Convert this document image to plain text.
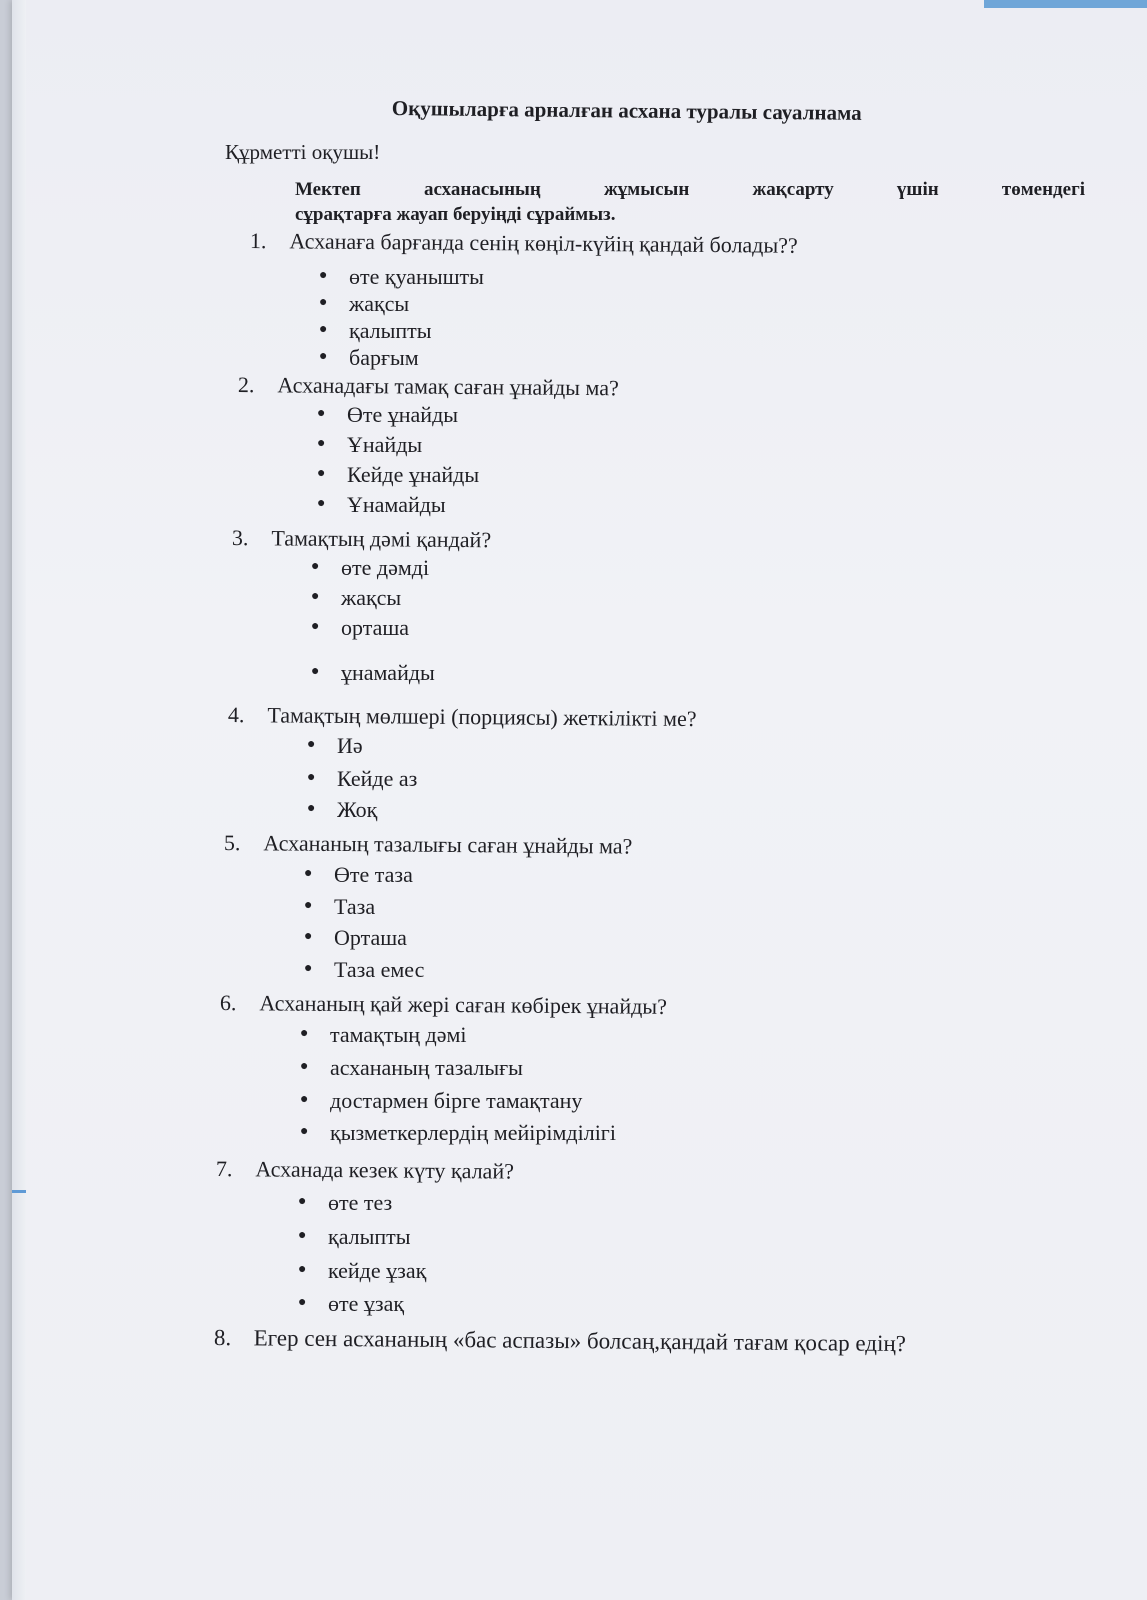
Оқушыларға арналған асхана туралы сауалнама
Құрметті оқушы!
Мектеп асханасының жұмысын жақсарту үшін төмендегі
сұрақтарға жауап беруіңді сұраймыз.
1. Асханаға барғанда сенің көңіл-күйің қандай болады??
● өте қуанышты
● жақсы
● қалыпты
● барғым
2. Асханадағы тамақ саған ұнайды ма?
● Өте ұнайды
● Ұнайды
● Кейде ұнайды
● Ұнамайды
3. Тамақтың дәмі қандай?
● өте дәмді
● жақсы
● орташа
● ұнамайды
4. Тамақтың мөлшері (порциясы) жеткілікті ме?
● Иә
● Кейде аз
● Жоқ
5. Асхананың тазалығы саған ұнайды ма?
● Өте таза
● Таза
● Орташа
● Таза емес
6. Асхананың қай жері саған көбірек ұнайды?
● тамақтың дәмі
● асхананың тазалығы
● достармен бірге тамақтану
● қызметкерлердің мейірімділігі
7. Асханада кезек күту қалай?
● өте тез
● қалыпты
● кейде ұзақ
● өте ұзақ
8. Егер сен асхананың «бас аспазы» болсаң,қандай тағам қосар едің?
